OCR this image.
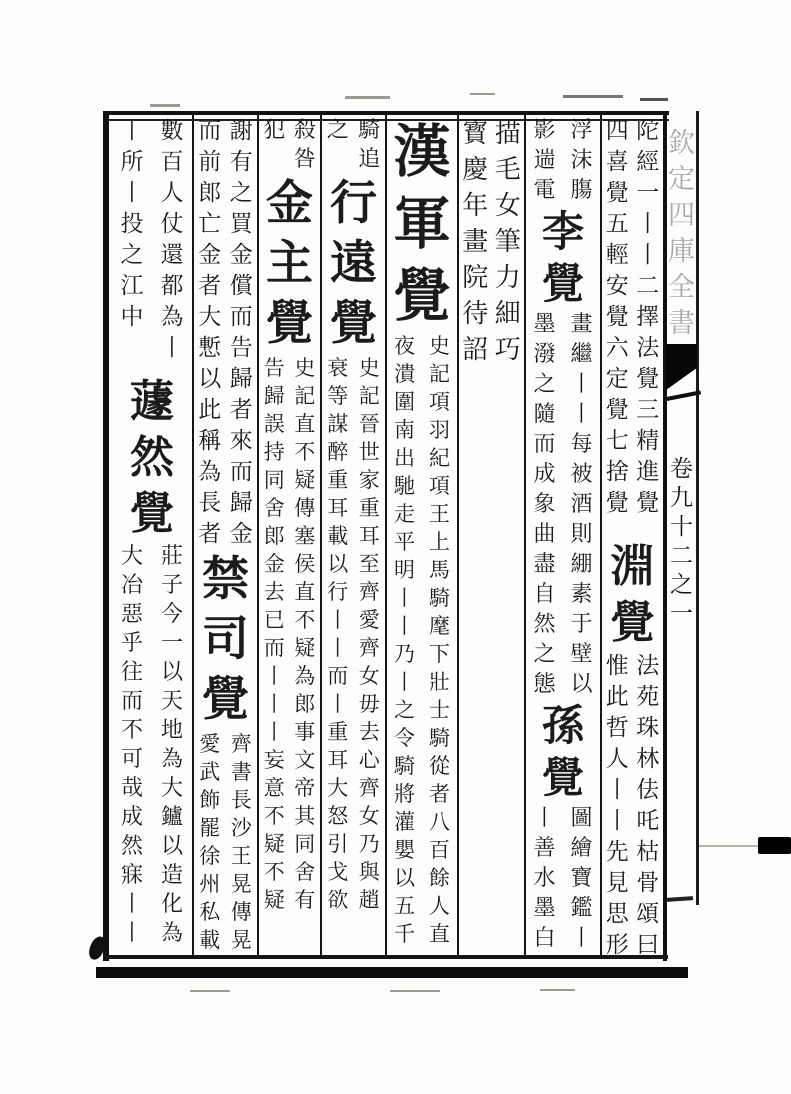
欽定四庫全書
卷九十二之一
陀經一丨丨二擇法覺三精進覺
四喜覺五輕安覺六定覺七捨覺
淵覺
法苑珠林佉吒枯骨頌曰
惟此哲人丨丨先見思形
浮沫膓
影遄電
李覺
畫繼丨丨每被酒則綳素于壁以
墨潑之隨而成象曲盡自然之態
孫覺
圖繪寶鑑丨
丨善水墨白
描毛女筆力細巧
寳慶年畫院待詔
漢軍覺
史記項羽紀項王上馬騎麾下壯士騎從者八百餘人直
夜潰圍南出馳走平明丨丨乃丨之令騎將灌嬰以五千
騎追
之
行遠覺
史記晉世家重耳至齊愛齊女毋去心齊女乃與趙
衰等謀醉重耳載以行丨丨而丨重耳大怒引戈欲
殺咎
犯
金主覺
史記直不疑傳塞侯直不疑為郎事文帝其同舍有
告歸誤持同舍郎金去已而丨丨丨妄意不疑不疑
謝有之買金償而告歸者來而歸金
而前郎亡金者大慙以此稱為長者
禁司覺
齊書長沙王晃傳晃
愛武飾罷徐州私載
數百人仗還都為丨
丨所丨投之江中
蘧然覺
莊子今一以天地為大鑪以造化為
大冶惡乎往而不可哉成然寐丨丨
